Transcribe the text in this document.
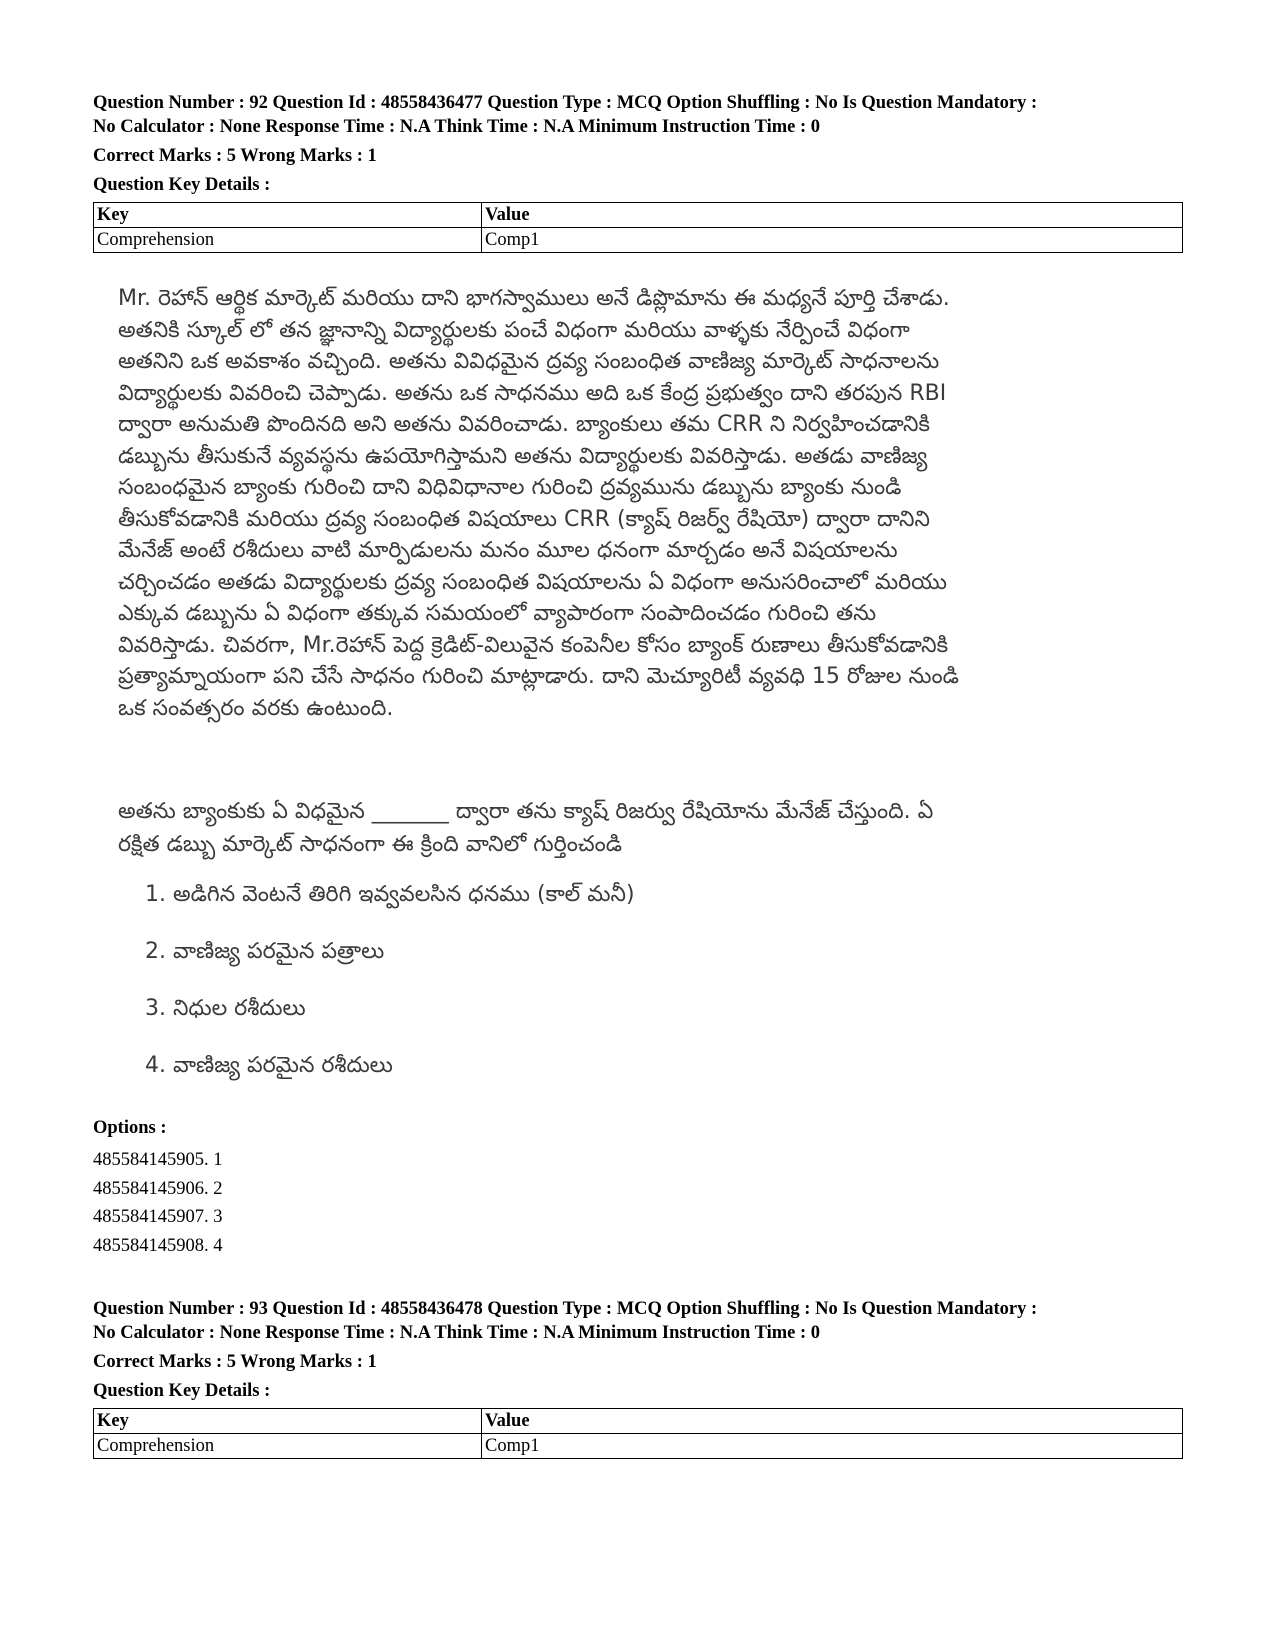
Question Number : 92 Question Id : 48558436477 Question Type : MCQ Option Shuffling : No Is Question Mandatory :
No Calculator : None Response Time : N.A Think Time : N.A Minimum Instruction Time : 0
Correct Marks : 5 Wrong Marks : 1
Question Key Details :
Key	Value
Comprehension	Comp1

Mr. రెహాన్ ఆర్థిక మార్కెట్ మరియు దాని భాగస్వాములు అనే డిప్లొమాను ఈ మధ్యనే పూర్తి చేశాడు.

అతనికి స్కూల్ లో తన జ్ఞానాన్ని విద్యార్థులకు పంచే విధంగా మరియు వాళ్ళకు నేర్పించే విధంగా

అతనిని ఒక అవకాశం వచ్చింది. అతను వివిధమైన ద్రవ్య సంబంధిత వాణిజ్య మార్కెట్ సాధనాలను

విద్యార్థులకు వివరించి చెప్పాడు. అతను ఒక సాధనము అది ఒక కేంద్ర ప్రభుత్వం దాని తరపున RBI

ద్వారా అనుమతి పొందినది అని అతను వివరించాడు. బ్యాంకులు తమ CRR ని నిర్వహించడానికి

డబ్బును తీసుకునే వ్యవస్థను ఉపయోగిస్తామని అతను విద్యార్థులకు వివరిస్తాడు. అతడు వాణిజ్య

సంబంధమైన బ్యాంకు గురించి దాని విధివిధానాల గురించి ద్రవ్యమును డబ్బును బ్యాంకు నుండి

తీసుకోవడానికి మరియు ద్రవ్య సంబంధిత విషయాలు CRR (క్యాష్ రిజర్వ్ రేషియో) ద్వారా దానిని

మేనేజ్ అంటే రశీదులు వాటి మార్పిడులను మనం మూల ధనంగా మార్చడం అనే విషయాలను

చర్చించడం అతడు విద్యార్థులకు ద్రవ్య సంబంధిత విషయాలను ఏ విధంగా అనుసరించాలో మరియు

ఎక్కువ డబ్బును ఏ విధంగా తక్కువ సమయంలో వ్యాపారంగా సంపాదించడం గురించి తను

వివరిస్తాడు. చివరగా, Mr.రెహాన్ పెద్ద క్రెడిట్-విలువైన కంపెనీల కోసం బ్యాంక్ రుణాలు తీసుకోవడానికి

ప్రత్యామ్నాయంగా పని చేసే సాధనం గురించి మాట్లాడారు. దాని మెచ్యూరిటీ వ్యవధి 15 రోజుల నుండి

ఒక సంవత్సరం వరకు ఉంటుంది.

అతను బ్యాంకుకు ఏ విధమైన _______ ద్వారా తను క్యాష్ రిజర్వు రేషియోను మేనేజ్ చేస్తుంది. ఏ

రక్షిత డబ్బు మార్కెట్ సాధనంగా ఈ క్రింది వానిలో గుర్తించండి

1. అడిగిన వెంటనే తిరిగి ఇవ్వవలసిన ధనము (కాల్ మనీ)
2. వాణిజ్య పరమైన పత్రాలు
3. నిధుల రశీదులు
4. వాణిజ్య పరమైన రశీదులు
Options :
485584145905. 1
485584145906. 2
485584145907. 3
485584145908. 4
Question Number : 93 Question Id : 48558436478 Question Type : MCQ Option Shuffling : No Is Question Mandatory :
No Calculator : None Response Time : N.A Think Time : N.A Minimum Instruction Time : 0
Correct Marks : 5 Wrong Marks : 1
Question Key Details :
Key	Value
Comprehension	Comp1
